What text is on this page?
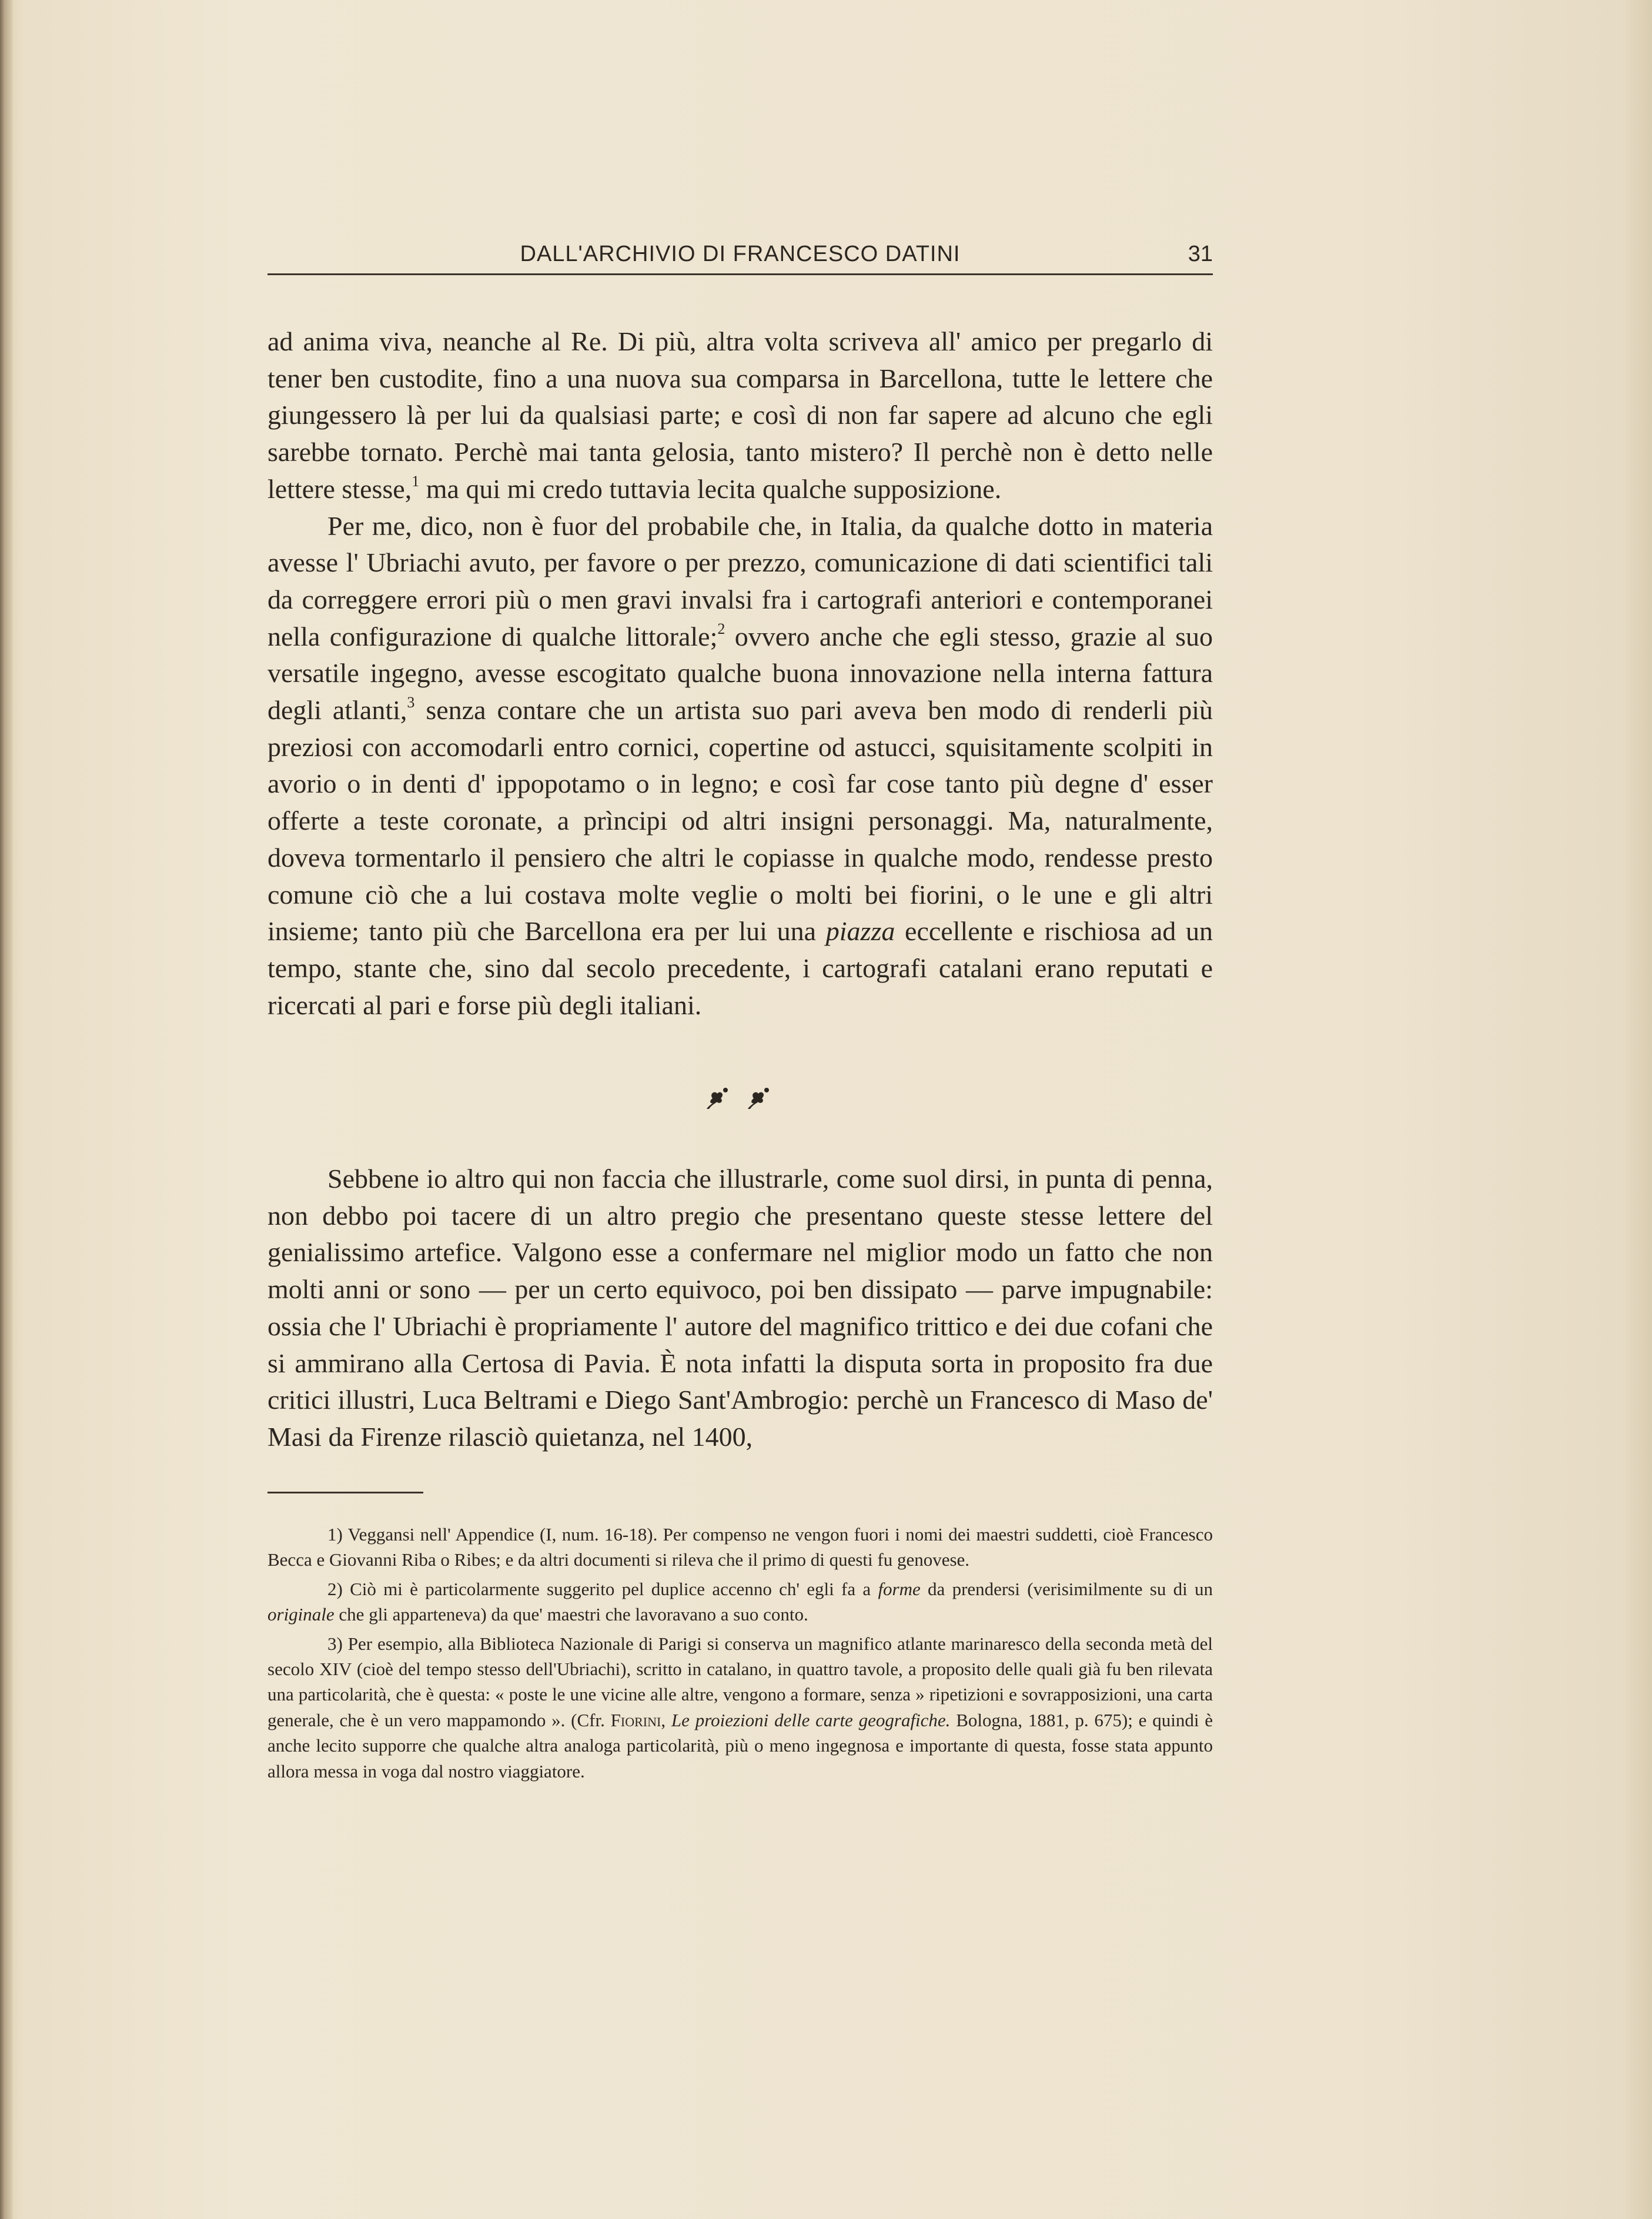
DALL'ARCHIVIO DI FRANCESCO DATINI	31

ad anima viva, neanche al Re. Di più, altra volta scriveva all' amico per pregarlo di tener ben custodite, fino a una nuova sua comparsa in Barcellona, tutte le lettere che giungessero là per lui da qualsiasi parte; e così di non far sapere ad alcuno che egli sarebbe tornato. Perchè mai tanta gelosia, tanto mistero? Il perchè non è detto nelle lettere stesse,$^1$ ma qui mi credo tuttavia lecita qualche supposizione.

Per me, dico, non è fuor del probabile che, in Italia, da qualche dotto in materia avesse l' Ubriachi avuto, per favore o per prezzo, comunicazione di dati scientifici tali da correggere errori più o men gravi invalsi fra i cartografi anteriori e contemporanei nella configurazione di qualche littorale;$^2$ ovvero anche che egli stesso, grazie al suo versatile ingegno, avesse escogitato qualche buona innovazione nella interna fattura degli atlanti,$^3$ senza contare che un artista suo pari aveva ben modo di renderli più preziosi con accomodarli entro cornici, copertine od astucci, squisitamente scolpiti in avorio o in denti d' ippopotamo o in legno; e così far cose tanto più degne d' esser offerte a teste coronate, a prìncipi od altri insigni personaggi. Ma, naturalmente, doveva tormentarlo il pensiero che altri le copiasse in qualche modo, rendesse presto comune ciò che a lui costava molte veglie o molti bei fiorini, o le une e gli altri insieme; tanto più che Barcellona era per lui una piazza eccellente e rischiosa ad un tempo, stante che, sino dal secolo precedente, i cartografi catalani erano reputati e ricercati al pari e forse più degli italiani.

Sebbene io altro qui non faccia che illustrarle, come suol dirsi, in punta di penna, non debbo poi tacere di un altro pregio che presentano queste stesse lettere del genialissimo artefice. Valgono esse a confermare nel miglior modo un fatto che non molti anni or sono — per un certo equivoco, poi ben dissipato — parve impugnabile: ossia che l' Ubriachi è propriamente l' autore del magnifico trittico e dei due cofani che si ammirano alla Certosa di Pavia. È nota infatti la disputa sorta in proposito fra due critici illustri, Luca Beltrami e Diego Sant'Ambrogio: perchè un Francesco di Maso de' Masi da Firenze rilasciò quietanza, nel 1400,

1) Veggansi nell' Appendice (I, num. 16-18). Per compenso ne vengon fuori i nomi dei maestri suddetti, cioè Francesco Becca e Giovanni Riba o Ribes; e da altri documenti si rileva che il primo di questi fu genovese.

2) Ciò mi è particolarmente suggerito pel duplice accenno ch' egli fa a forme da prendersi (verisimilmente su di un originale che gli apparteneva) da que' maestri che lavoravano a suo conto.

3) Per esempio, alla Biblioteca Nazionale di Parigi si conserva un magnifico atlante marinaresco della seconda metà del secolo XIV (cioè del tempo stesso dell'Ubriachi), scritto in catalano, in quattro tavole, a proposito delle quali già fu ben rilevata una particolarità, che è questa: « poste le une vicine alle altre, vengono a formare, senza » ripetizioni e sovrapposizioni, una carta generale, che è un vero mappamondo ». (Cfr. Fiorini, Le proiezioni delle carte geografiche. Bologna, 1881, p. 675); e quindi è anche lecito supporre che qualche altra analoga particolarità, più o meno ingegnosa e importante di questa, fosse stata appunto allora messa in voga dal nostro viaggiatore.
